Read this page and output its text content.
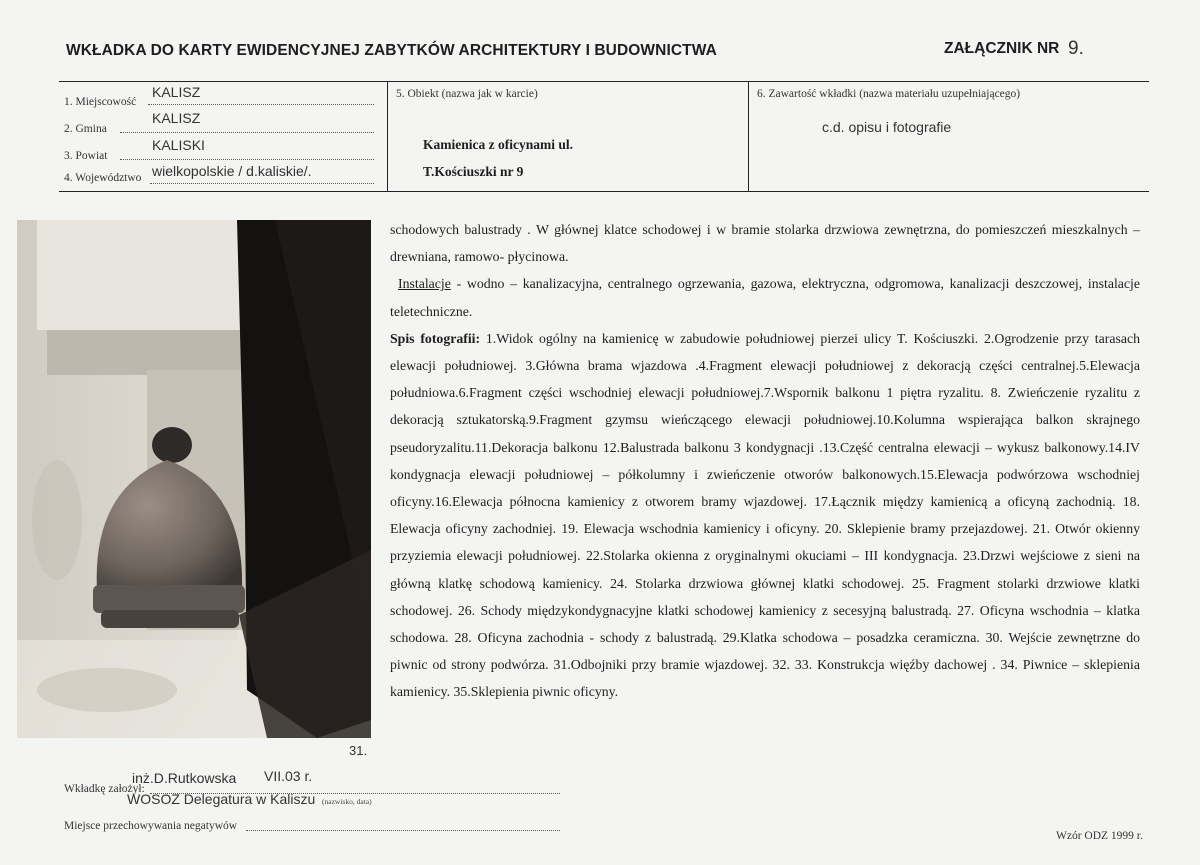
WKŁADKA DO KARTY EWIDENCYJNEJ ZABYTKÓW ARCHITEKTURY I BUDOWNICTWA	ZAŁĄCZNIK NR 9.
1. Miejscowość
KALISZ
2. Gmina
KALISZ
3. Powiat
KALISKI
4. Województwo wielkopolskie / d.kaliskie/.
5. Obiekt (nazwa jak w karcie)
Kamienica z oficynami ul.
T.Kościuszki nr 9
6. Zawartość wkładki (nazwa materiału uzupełniającego)
c.d. opisu i fotografie
31.

schodowych balustrady . W głównej klatce schodowej i w bramie stolarka drzwiowa zewnętrzna, do pomieszczeń mieszkalnych – drewniana, ramowo- płycinowa.

Instalacje - wodno – kanalizacyjna, centralnego ogrzewania, gazowa, elektryczna, odgromowa, kanalizacji deszczowej, instalacje teletechniczne.

Spis fotografii: 1.Widok ogólny na kamienicę w zabudowie południowej pierzei ulicy T. Kościuszki. 2.Ogrodzenie przy tarasach elewacji południowej. 3.Główna brama wjazdowa .4.Fragment elewacji południowej z dekoracją części centralnej.5.Elewacja południowa.6.Fragment części wschodniej elewacji południowej.7.Wspornik balkonu 1 piętra ryzalitu. 8. Zwieńczenie ryzalitu z dekoracją sztukatorską.9.Fragment gzymsu wieńczącego elewacji południowej.10.Kolumna wspierająca balkon skrajnego pseudoryzalitu.11.Dekoracja balkonu 12.Balustrada balkonu 3 kondygnacji .13.Część centralna elewacji – wykusz balkonowy.14.IV kondygnacja elewacji południowej – półkolumny i zwieńczenie otworów balkonowych.15.Elewacja podwórzowa wschodniej oficyny.16.Elewacja północna kamienicy z otworem bramy wjazdowej. 17.Łącznik między kamienicą a oficyną zachodnią. 18. Elewacja oficyny zachodniej. 19. Elewacja wschodnia kamienicy i oficyny. 20. Sklepienie bramy przejazdowej. 21. Otwór okienny przyziemia elewacji południowej. 22.Stolarka okienna z oryginalnymi okuciami – III kondygnacja. 23.Drzwi wejściowe z sieni na główną klatkę schodową kamienicy. 24. Stolarka drzwiowa głównej klatki schodowej. 25. Fragment stolarki drzwiowe klatki schodowej. 26. Schody międzykondygnacyjne klatki schodowej kamienicy z secesyjną balustradą. 27. Oficyna wschodnia – klatka schodowa. 28. Oficyna zachodnia - schody z balustradą. 29.Klatka schodowa – posadzka ceramiczna. 30. Wejście zewnętrzne do piwnic od strony podwórza. 31.Odbojniki przy bramie wjazdowej. 32. 33. Konstrukcja więźby dachowej . 34. Piwnice – sklepienia kamienicy. 35.Sklepienia piwnic oficyny.

inż.D.Rutkowska VII.03 r.
Wkładkę założył:
WOSOZ Delegatura w Kaliszu (nazwisko, data)
Miejsce przechowywania negatywów
Wzór ODZ 1999 r.
